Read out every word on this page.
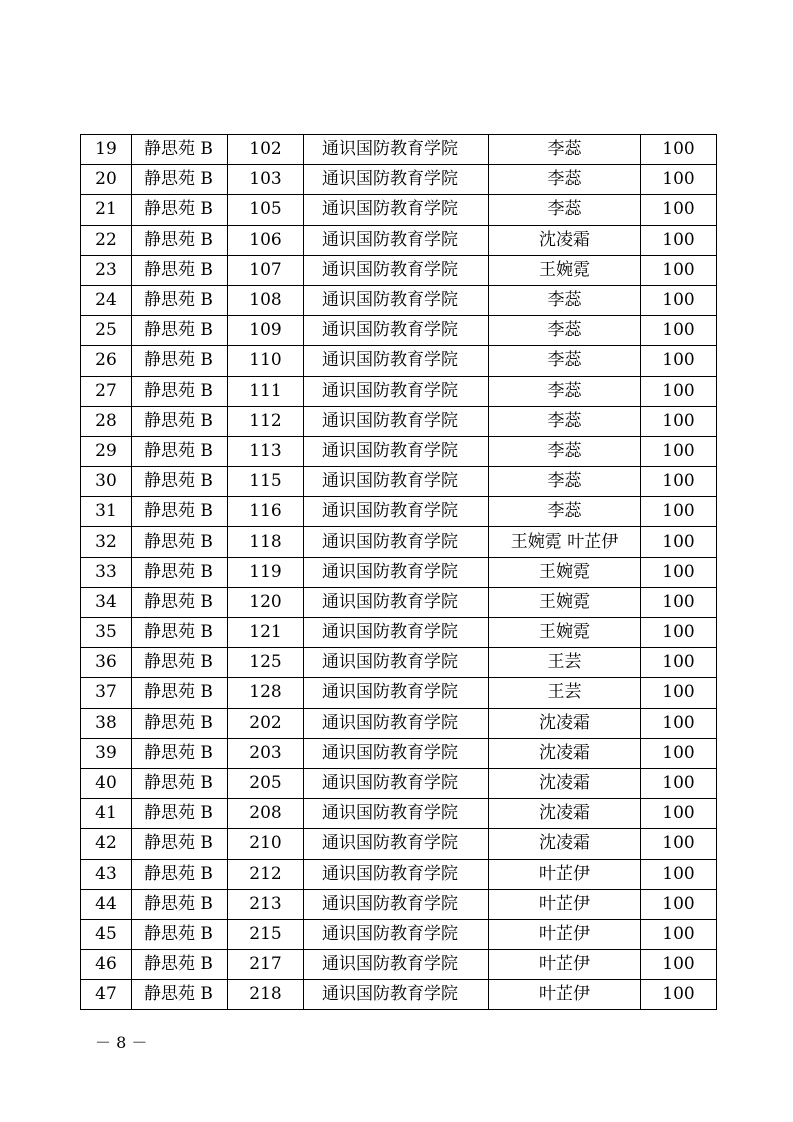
19	静思苑 B	102	通识国防教育学院	李蕊	100
20	静思苑 B	103	通识国防教育学院	李蕊	100
21	静思苑 B	105	通识国防教育学院	李蕊	100
22	静思苑 B	106	通识国防教育学院	沈凌霜	100
23	静思苑 B	107	通识国防教育学院	王婉霓	100
24	静思苑 B	108	通识国防教育学院	李蕊	100
25	静思苑 B	109	通识国防教育学院	李蕊	100
26	静思苑 B	110	通识国防教育学院	李蕊	100
27	静思苑 B	111	通识国防教育学院	李蕊	100
28	静思苑 B	112	通识国防教育学院	李蕊	100
29	静思苑 B	113	通识国防教育学院	李蕊	100
30	静思苑 B	115	通识国防教育学院	李蕊	100
31	静思苑 B	116	通识国防教育学院	李蕊	100
32	静思苑 B	118	通识国防教育学院	王婉霓 叶芷伊	100
33	静思苑 B	119	通识国防教育学院	王婉霓	100
34	静思苑 B	120	通识国防教育学院	王婉霓	100
35	静思苑 B	121	通识国防教育学院	王婉霓	100
36	静思苑 B	125	通识国防教育学院	王芸	100
37	静思苑 B	128	通识国防教育学院	王芸	100
38	静思苑 B	202	通识国防教育学院	沈凌霜	100
39	静思苑 B	203	通识国防教育学院	沈凌霜	100
40	静思苑 B	205	通识国防教育学院	沈凌霜	100
41	静思苑 B	208	通识国防教育学院	沈凌霜	100
42	静思苑 B	210	通识国防教育学院	沈凌霜	100
43	静思苑 B	212	通识国防教育学院	叶芷伊	100
44	静思苑 B	213	通识国防教育学院	叶芷伊	100
45	静思苑 B	215	通识国防教育学院	叶芷伊	100
46	静思苑 B	217	通识国防教育学院	叶芷伊	100
47	静思苑 B	218	通识国防教育学院	叶芷伊	100
－ 8 －
